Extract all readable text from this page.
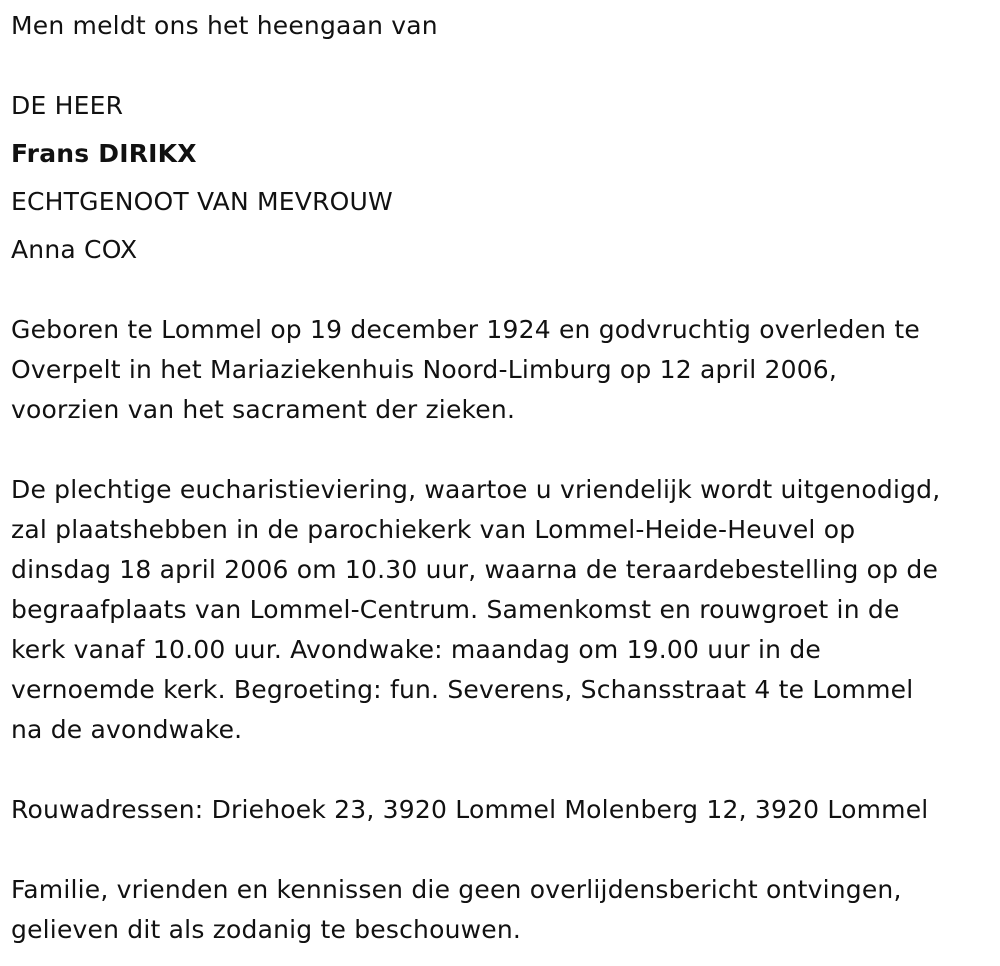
Men meldt ons het heengaan van
DE HEER
Frans DIRIKX
ECHTGENOOT VAN MEVROUW
Anna COX
Geboren te Lommel op 19 december 1924 en godvruchtig overleden te
Overpelt in het Mariaziekenhuis Noord-Limburg op 12 april 2006,
voorzien van het sacrament der zieken.
De plechtige eucharistieviering, waartoe u vriendelijk wordt uitgenodigd,
zal plaatshebben in de parochiekerk van Lommel-Heide-Heuvel op
dinsdag 18 april 2006 om 10.30 uur, waarna de teraardebestelling op de
begraafplaats van Lommel-Centrum. Samenkomst en rouwgroet in de
kerk vanaf 10.00 uur. Avondwake: maandag om 19.00 uur in de
vernoemde kerk. Begroeting: fun. Severens, Schansstraat 4 te Lommel
na de avondwake.
Rouwadressen: Driehoek 23, 3920 Lommel Molenberg 12, 3920 Lommel
Familie, vrienden en kennissen die geen overlijdensbericht ontvingen,
gelieven dit als zodanig te beschouwen.
